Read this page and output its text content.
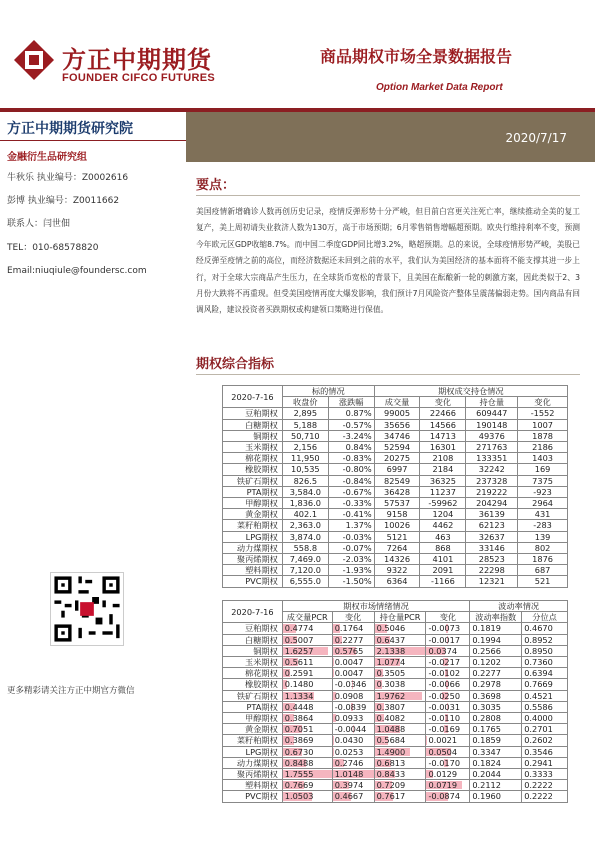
方正中期期货
FOUNDER CIFCO FUTURES
商品期权市场全景数据报告
Option Market Data Report
2020/7/17
方正中期期货研究院
金融衍生品研究组
牛秋乐 执业编号：Z0002616
彭博 执业编号：Z0011662
联系人：闫世佃
TEL：010-68578820
Email:niuqiule@foundersc.com
更多精彩请关注方正中期官方微信
要点：
美国疫情新增确诊人数再创历史记录，疫情反弹形势十分严峻，但目前白宫更关注死亡率，继续推动全美的复工复产，美上周初请失业救济人数为130万，高于市场预期；6月零售销售增幅超预期。欧央行维持利率不变，预测今年欧元区GDP收缩8.7%。而中国二季度GDP同比增3.2%，略超预期。总的来说，全球疫情形势严峻，美股已经反弹至疫情之前的高位，而经济数据还未回到之前的水平，我们认为美国经济的基本面将不能支撑其进一步上行，对于全球大宗商品产生压力，在全球货币宽松的背景下，且美国在酝酿新一轮的刺激方案，因此类似于2、3月份大跌将不再重现。但受美国疫情再度大爆发影响，我们预计7月风险资产整体呈震荡偏弱走势。国内商品有回调风险，建议投资者买跌期权或构建领口策略进行保值。
期权综合指标
2020-7-16	标的情况		期权成交持仓情况			
	收盘价	涨跌幅	成交量	变化	持仓量	变化
豆粕期权	2,895	0.87%	99005	22466	609447	-1552
白糖期权	5,188	-0.57%	35656	14566	190148	1007
铜期权	50,710	-3.24%	34746	14713	49376	1878
玉米期权	2,156	0.84%	52594	16301	271763	2186
棉花期权	11,950	-0.83%	20275	2108	133351	1403
橡胶期权	10,535	-0.80%	6997	2184	32242	169
铁矿石期权	826.5	-0.84%	82549	36325	237328	7375
PTA期权	3,584.0	-0.67%	36428	11237	219222	-923
甲醇期权	1,836.0	-0.33%	57537	-59962	204294	2964
黄金期权	402.1	-0.41%	9158	1204	36139	431
菜籽粕期权	2,363.0	1.37%	10026	4462	62123	-283
LPG期权	3,874.0	-0.03%	5121	463	32637	139
动力煤期权	558.8	-0.07%	7264	868	33146	802
聚丙烯期权	7,469.0	-2.03%	14326	4101	28523	1876
塑料期权	7,120.0	-1.93%	9322	2091	22298	687
PVC期权	6,555.0	-1.50%	6364	-1166	12321	521
2020-7-16	期权市场情绪情况				波动率情况	
	成交量PCR	变化	持仓量PCR	变化	波动率指数	分位点
豆粕期权	0.4774	0.1764	0.5046	-0.0073	0.1819	0.4670
白糖期权	0.5007	0.2277	0.6437	-0.0017	0.1994	0.8952
铜期权	1.6257	0.5765	2.1338	0.0374	0.2566	0.8950
玉米期权	0.5611	0.0047	1.0774	-0.0217	0.1202	0.7360
棉花期权	0.2591	0.0047	0.3505	-0.0102	0.2277	0.6394
橡胶期权	0.1480	-0.0346	0.3038	-0.0066	0.2978	0.7669
铁矿石期权	1.1334	0.0908	1.9762	-0.0250	0.3698	0.4521
PTA期权	0.4448	-0.0839	0.3807	-0.0031	0.3035	0.5586
甲醇期权	0.3864	0.0933	0.4082	-0.0110	0.2808	0.4000
黄金期权	0.7051	-0.0044	1.0488	-0.0169	0.1765	0.2701
菜籽粕期权	0.3869	0.0430	0.5684	0.0021	0.1859	0.2602
LPG期权	0.6730	0.0253	1.4900	0.0504	0.3347	0.3546
动力煤期权	0.8488	0.2746	0.6813	-0.0170	0.1824	0.2941
聚丙烯期权	1.7555	1.0148	0.8433	0.0129	0.2044	0.3333
塑料期权	0.7669	0.3974	0.7209	0.0719	0.2112	0.2222
PVC期权	1.0503	0.4667	0.7617	-0.0874	0.1960	0.2222
